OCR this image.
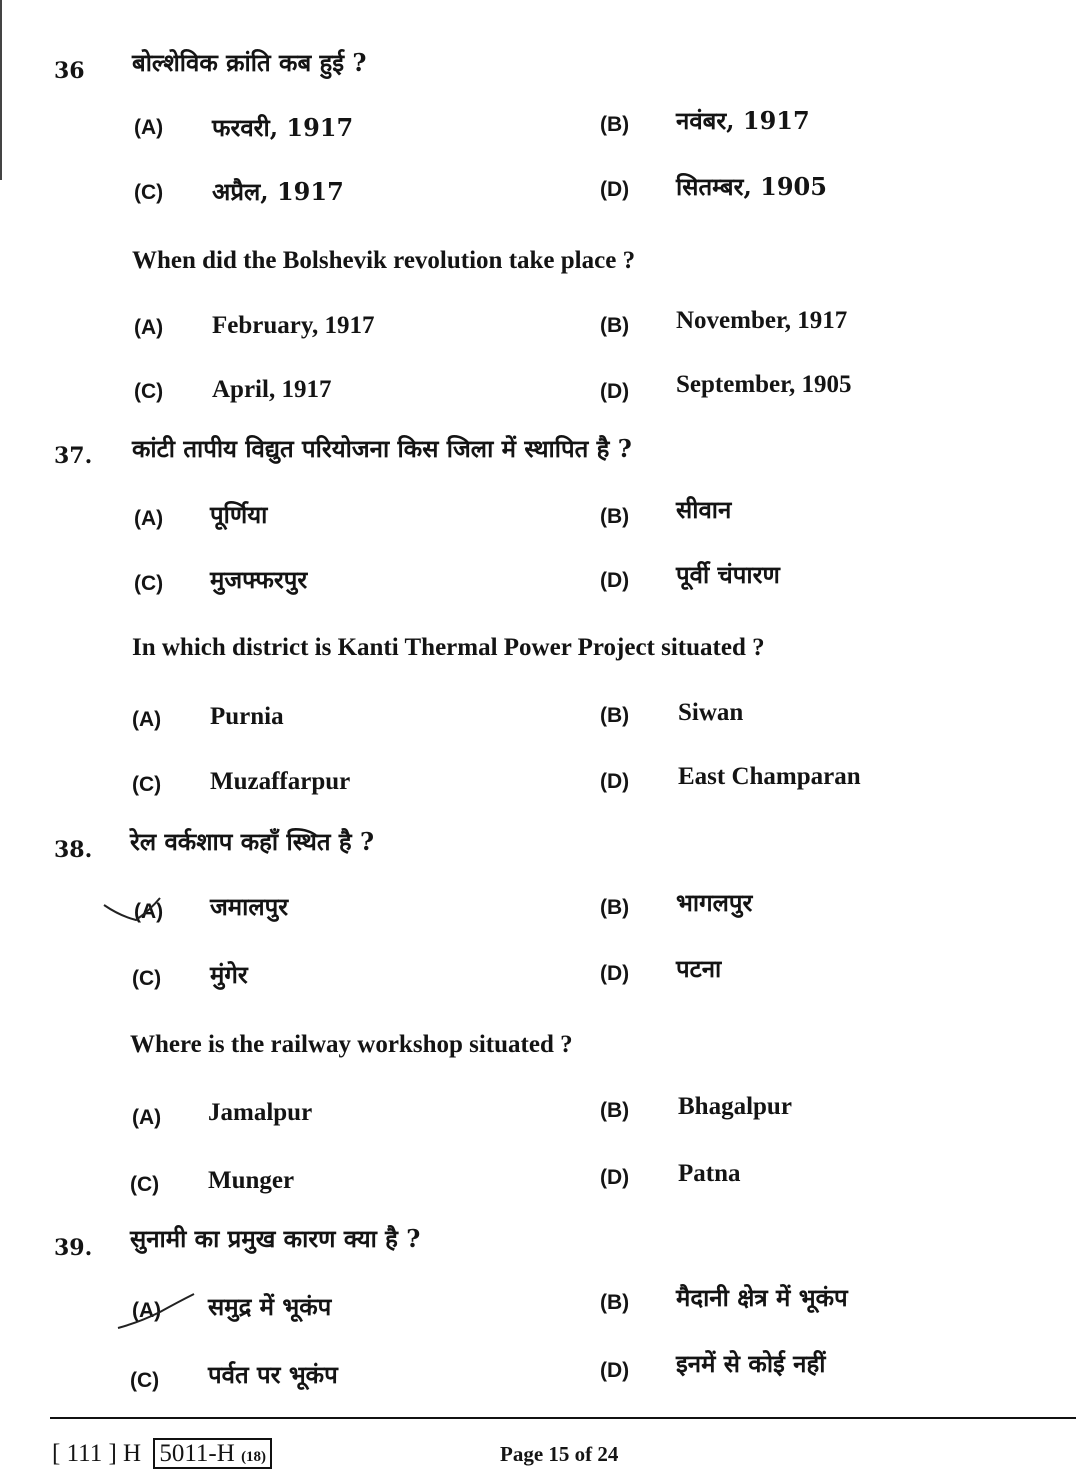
36 बोल्शेविक क्रांति कब हुई ?
(A) फरवरी, 1917	(B) नवंबर, 1917
(C) अप्रैल, 1917	(D) सितम्बर, 1905
When did the Bolshevik revolution take place ?
(A) February, 1917	(B) November, 1917
(C) April, 1917	(D) September, 1905
37. कांटी तापीय विद्युत परियोजना किस जिला में स्थापित है ?
(A) पूर्णिया	(B) सीवान
(C) मुजफ्फरपुर	(D) पूर्वी चंपारण
In which district is Kanti Thermal Power Project situated ?
(A) Purnia	(B) Siwan
(C) Muzaffarpur	(D) East Champaran
38. रेल वर्कशाप कहाँ स्थित है ?
(A) जमालपुर	(B) भागलपुर
(C) मुंगेर	(D) पटना
Where is the railway workshop situated ?
(A) Jamalpur	(B) Bhagalpur
(C) Munger	(D) Patna
39. सुनामी का प्रमुख कारण क्या है ?
(A) समुद्र में भूकंप	(B) मैदानी क्षेत्र में भूकंप
(C) पर्वत पर भूकंप	(D) इनमें से कोई नहीं
[ 111 ] H 5011-H (18)	Page 15 of 24
